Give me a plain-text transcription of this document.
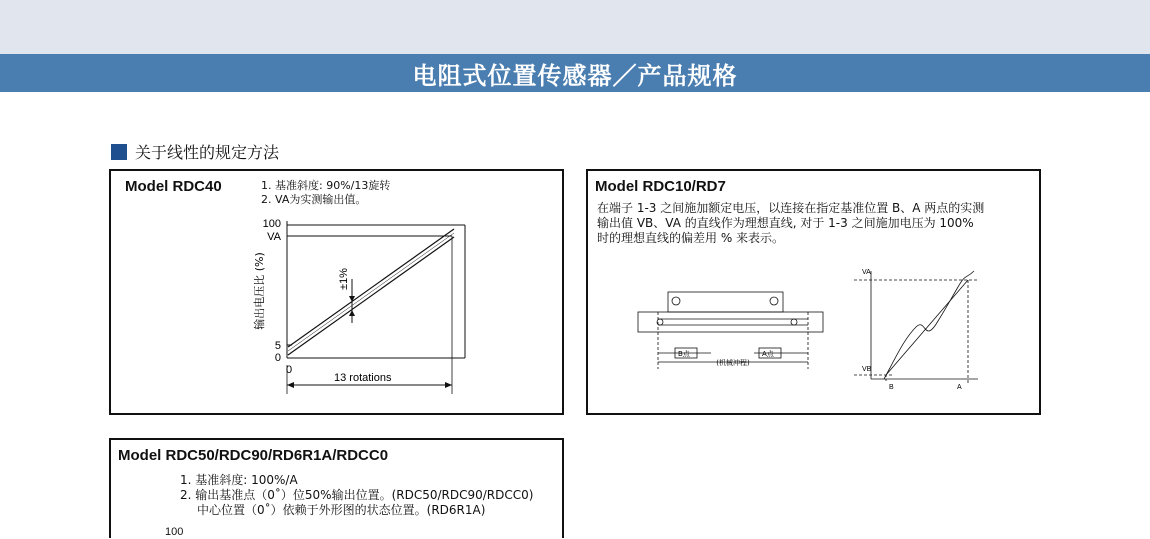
电阻式位置传感器／产品规格
关于线性的规定方法
Model RDC40	1. 基准斜度: 90%/13旋转
2. VA为实测输出值。
100
VA
5
0
0
13 rotations
±1%
输出电压比 (%)
Model RDC10/RD7
在端子 1-3 之间施加额定电压，以连接在指定基准位置 B、A 两点的实测
输出值 VB、VA 的直线作为理想直线, 对于 1-3 之间施加电压为 100%
时的理想直线的偏差用 % 来表示。
B点	A点
(机械冲程)
VA
VB
B	A
Model RDC50/RDC90/RD6R1A/RDCC0
1. 基准斜度: 100%/A
2. 输出基准点（0˚）位50%输出位置。(RDC50/RDC90/RDCC0)
中心位置（0˚）依赖于外形图的状态位置。(RD6R1A)
100
